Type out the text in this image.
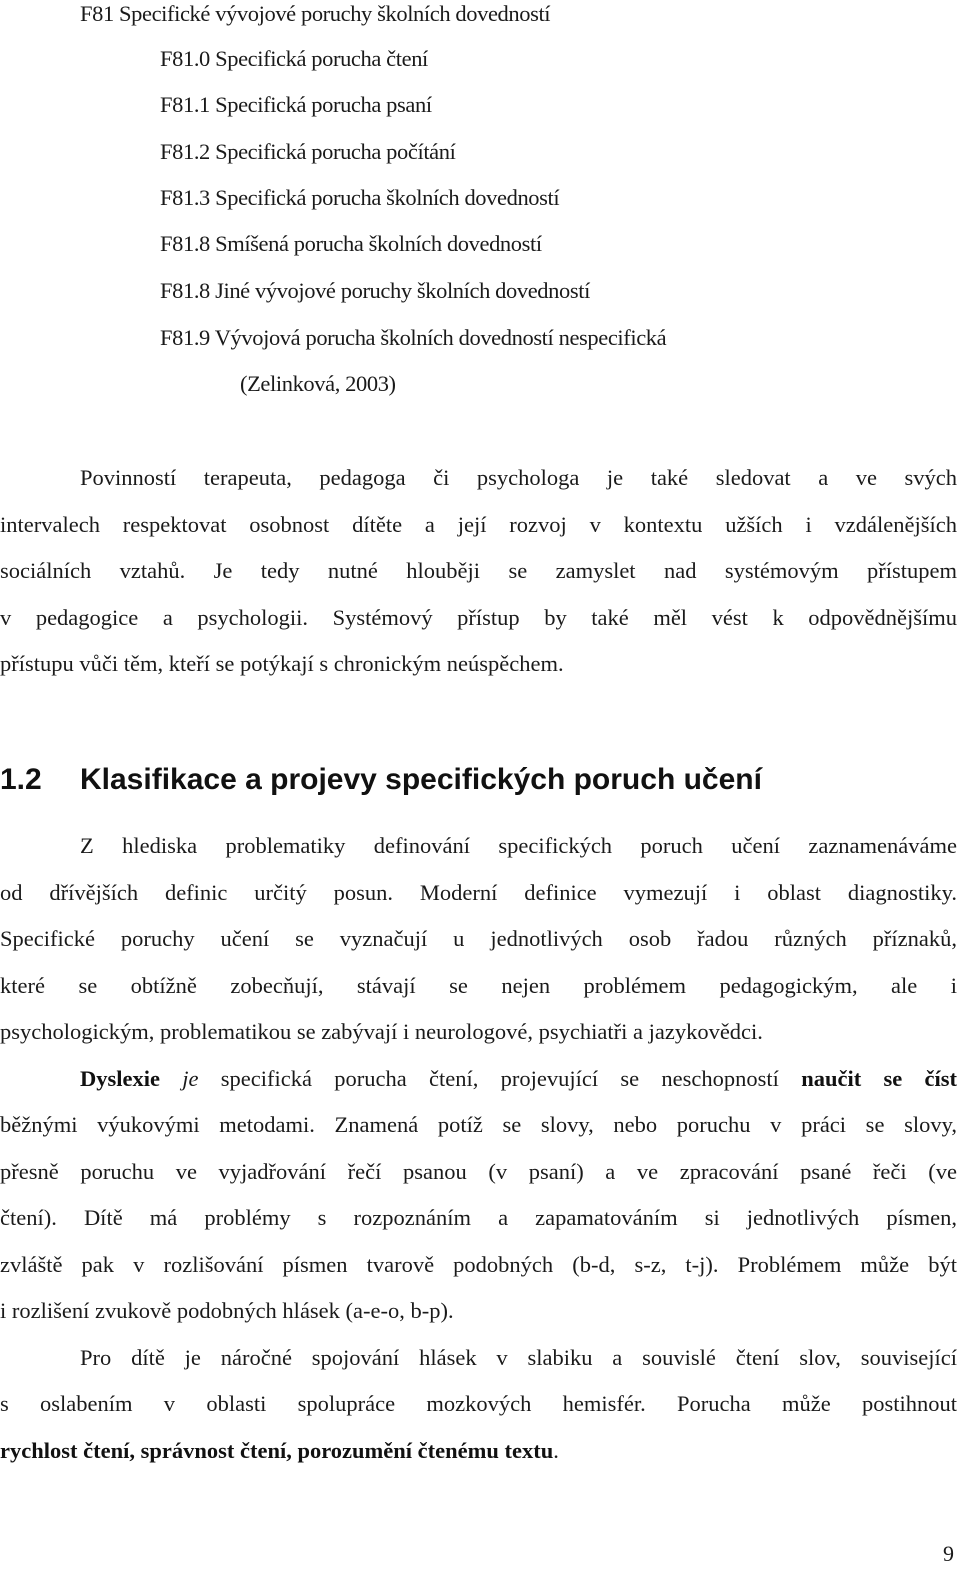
F81 Specifické vývojové poruchy školních dovedností
F81.0 Specifická porucha čtení
F81.1 Specifická porucha psaní
F81.2 Specifická porucha počítání
F81.3 Specifická porucha školních dovedností
F81.8 Smíšená porucha školních dovedností
F81.8 Jiné vývojové poruchy školních dovedností
F81.9 Vývojová porucha školních dovedností nespecifická
(Zelinková, 2003)
Povinností terapeuta, pedagoga či psychologa je také sledovat a ve svých
intervalech respektovat osobnost dítěte a její rozvoj v kontextu užších i vzdálenějších
sociálních vztahů. Je tedy nutné hlouběji se zamyslet nad systémovým přístupem
v pedagogice a psychologii. Systémový přístup by také měl vést k odpovědnějšímu
přístupu vůči těm, kteří se potýkají s chronickým neúspěchem.
1.2 Klasifikace a projevy specifických poruch učení
Z hlediska problematiky definování specifických poruch učení zaznamenáváme
od dřívějších definic určitý posun. Moderní definice vymezují i oblast diagnostiky.
Specifické poruchy učení se vyznačují u jednotlivých osob řadou různých příznaků,
které se obtížně zobecňují, stávají se nejen problémem pedagogickým, ale i
psychologickým, problematikou se zabývají i neurologové, psychiatři a jazykovědci.
Dyslexie je specifická porucha čtení, projevující se neschopností naučit se číst
běžnými výukovými metodami. Znamená potíž se slovy, nebo poruchu v práci se slovy,
přesně poruchu ve vyjadřování řečí psanou (v psaní) a ve zpracování psané řeči (ve
čtení). Dítě má problémy s rozpoznáním a zapamatováním si jednotlivých písmen,
zvláště pak v rozlišování písmen tvarově podobných (b-d, s-z, t-j). Problémem může být
i rozlišení zvukově podobných hlásek (a-e-o, b-p).
Pro dítě je náročné spojování hlásek v slabiku a souvislé čtení slov, související
s oslabením v oblasti spolupráce mozkových hemisfér. Porucha může postihnout
rychlost čtení, správnost čtení, porozumění čtenému textu.
9
